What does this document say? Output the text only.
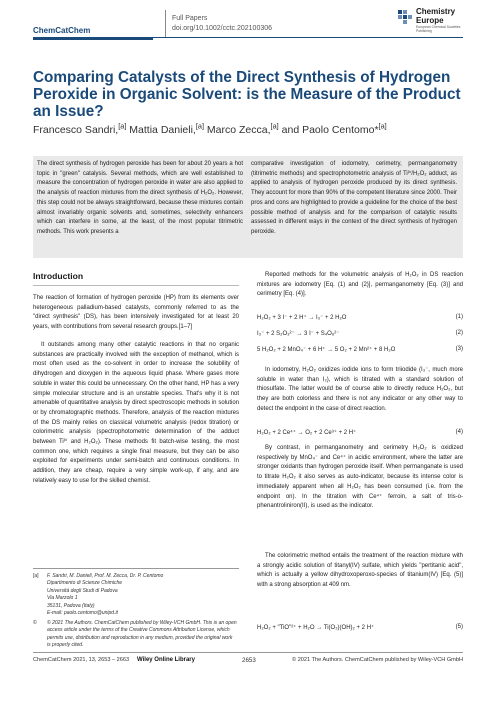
ChemCatChem
Full Papers
doi.org/10.1002/cctc.202100306
Chemistry
Europe
European Chemical Societies Publishing
Comparing Catalysts of the Direct Synthesis of Hydrogen Peroxide in Organic Solvent: is the Measure of the Product an Issue?
Francesco Sandri,[a] Mattia Danieli,[a] Marco Zecca,[a] and Paolo Centomo*[a]
The direct synthesis of hydrogen peroxide has been for about 20 years a hot topic in "green" catalysis. Several methods, which are well established to measure the concentration of hydrogen peroxide in water are also applied to the analysis of reaction mixtures from the direct synthesis of H₂O₂. However, this step could not be always straightforward, because these mixtures contain almost invariably organic solvents and, sometimes, selectivity enhancers which can interfere in some, at the least, of the most popular titrimetric methods. This work presents a
comparative investigation of iodometry, cerimetry, permanganometry (titrimetric methods) and spectrophotometric analysis of Tiᴵⱽ/H₂O₂ adduct, as applied to analysis of hydrogen peroxide produced by its direct synthesis. They account for more than 90% of the competent literature since 2000. Their pros and cons are highlighted to provide a guideline for the choice of the best possible method of analysis and for the comparison of catalytic results assessed in different ways in the context of the direct synthesis of hydrogen peroxide.
Introduction
The reaction of formation of hydrogen peroxide (HP) from its elements over heterogeneous palladium-based catalysts, commonly referred to as the "direct synthesis" (DS), has been intensively investigated for at least 20 years, with contributions from several research groups.[1–7]
It outstands among many other catalytic reactions in that no organic substances are practically involved with the exception of methanol, which is most often used as the co-solvent in order to increase the solubility of dihydrogen and dioxygen in the aqueous liquid phase. Where gases more soluble in water this could be unnecessary. On the other hand, HP has a very simple molecular structure and is an unstable species. That's why it is not amenable of quantitative analysis by direct spectroscopic methods in solution or by chromatographic methods. Therefore, analysis of the reaction mixtures of the DS mainly relies on classical volumetric analysis (redox titration) or colorimetric analysis (spectrophotometric determination of the adduct between Tiᴵⱽ and H₂O₂). These methods fit batch-wise testing, the most common one, which requires a single final measure, but they can be also exploited for experiments under semi-batch and continuous conditions. In addition, they are cheap, require a very simple work-up, if any, and are relatively easy to use for the skilled chemist.
Reported methods for the volumetric analysis of H₂O₂ in DS reaction mixtures are iodometry [Eq. (1) and (2)], permanganometry [Eq. (3)] and cerimetry [Eq. (4)].
H₂O₂ + 3 I⁻ + 2 H⁺ → I₃⁻ + 2 H₂O	(1)
I₃⁻ + 2 S₂O₃²⁻ → 3 I⁻ + S₄O₆²⁻	(2)
5 H₂O₂ + 2 MnO₄⁻ + 6 H⁺ → 5 O₂ + 2 Mn²⁺ + 8 H₂O	(3)
In iodometry, H₂O₂ oxidizes iodide ions to form triiodide (I₃⁻, much more soluble in water than I₂), which is titrated with a standard solution of thiosulfate. The latter would be of course able to directly reduce H₂O₂, but they are both colorless and there is not any indicator or any other way to detect the endpoint in the case of direct reaction.
H₂O₂ + 2 Ce⁴⁺ → O₂ + 2 Ce³⁺ + 2 H⁺	(4)
By contrast, in permanganometry and cerimetry H₂O₂ is oxidized respectively by MnO₄⁻ and Ce⁴⁺ in acidic environment, where the latter are stronger oxidants than hydrogen peroxide itself. When permanganate is used to titrate H₂O₂ it also serves as auto-indicator, because its intense color is immediately apparent when all H₂O₂ has been consumed (i.e. from the endpoint on). In the titration with Ce⁴⁺ ferroin, a salt of tris-o-phenantroliniron(II), is used as the indicator.
The colorimetric method entails the treatment of the reaction mixture with a strongly acidic solution of titanyl(IV) sulfate, which yields "pertitanic acid", which is actually a yellow dihydroxoperoxo-species of titanium(IV) [Eq. (5)] with a strong absorption at 409 nm.
H₂O₂ + "TiO"²⁺ + H₂O → Ti(O₂)(OH)₂ + 2 H⁺	(5)
[a] F. Sandri, M. Danieli, Prof. M. Zecca, Dr. P. Centomo
Dipartimento di Scienze Chimiche
Università degli Studi di Padova
Via Marzolo 1
35131, Padova (Italy)
E-mail: paolo.centomo@unipd.it
© © 2021 The Authors. ChemCatChem published by Wiley-VCH GmbH. This is an open access article under the terms of the Creative Commons Attribution License, which permits use, distribution and reproduction in any medium, provided the original work is properly cited.
ChemCatChem 2021, 13, 2653 – 2663 Wiley Online Library	2653	© 2021 The Authors. ChemCatChem published by Wiley-VCH GmbH
